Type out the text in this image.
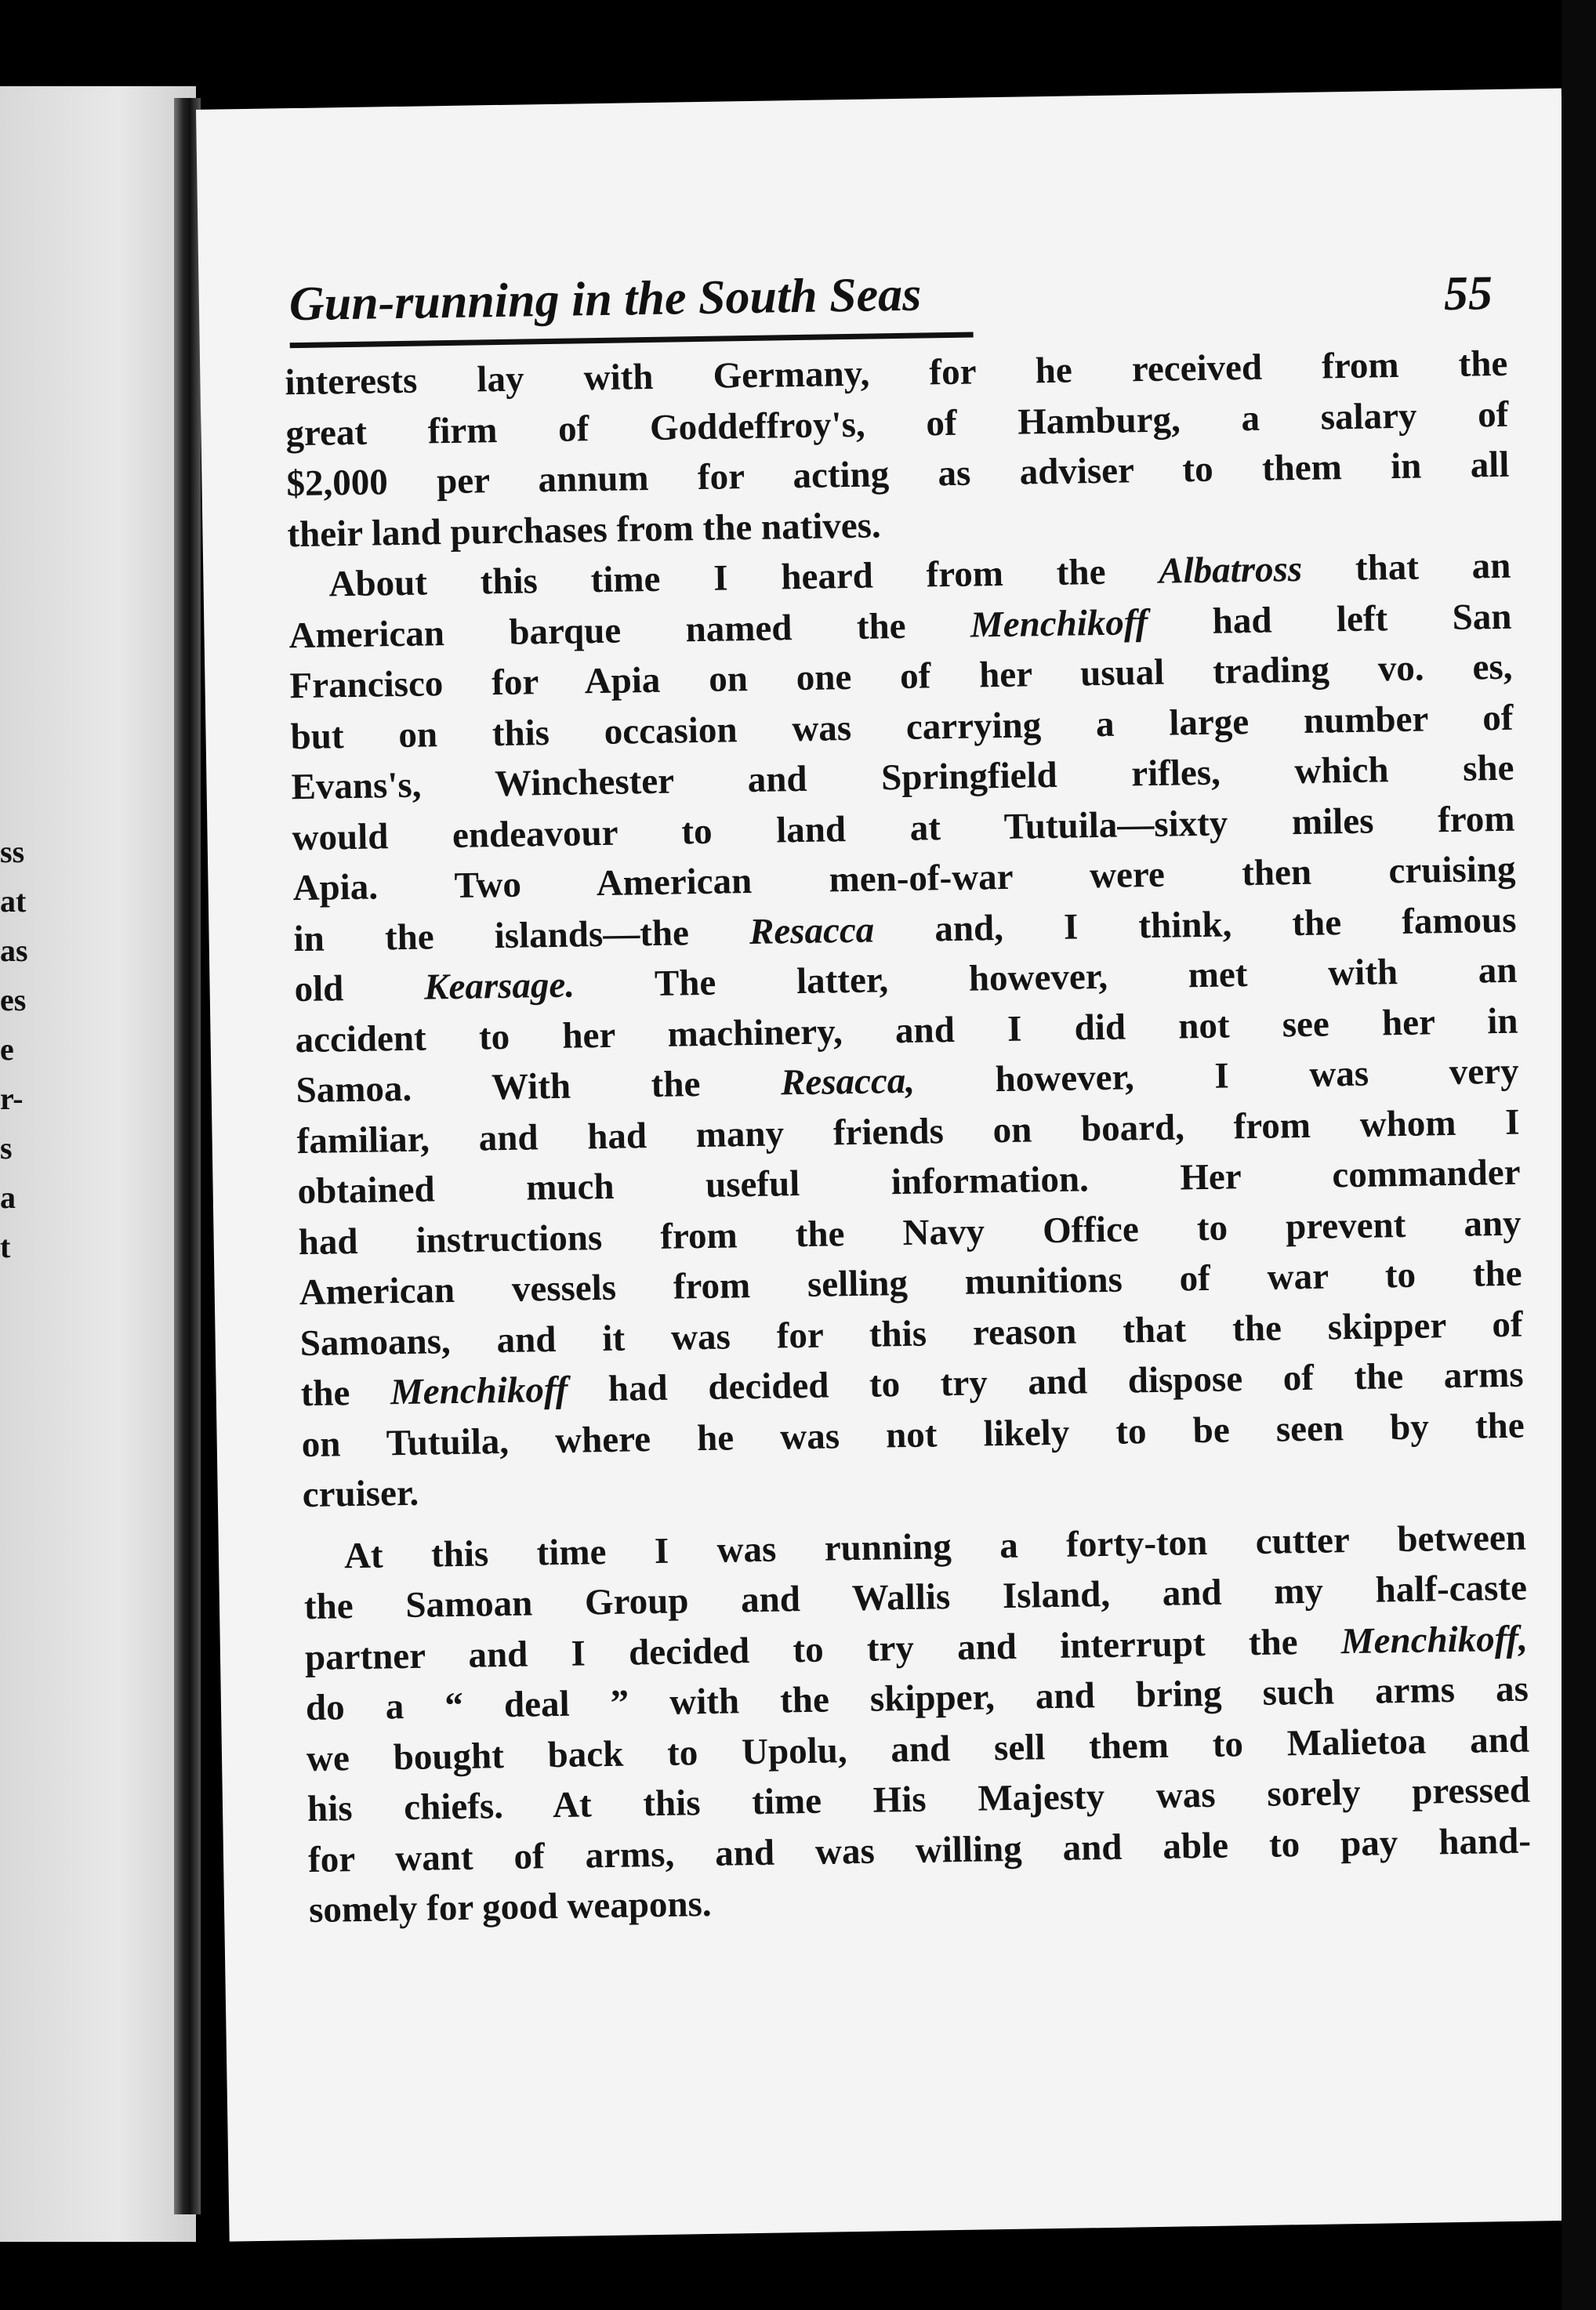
ss
at
as
es
e
r-
s
a
t
Gun-running in the South Seas	55
interests lay with Germany, for he received from the
great firm of Goddeffroy's, of Hamburg, a salary of
$2,000 per annum for acting as adviser to them in all
their land purchases from the natives.
About this time I heard from the Albatross that an
American barque named the Menchikoff had left San
Francisco for Apia on one of her usual trading vo. es,
but on this occasion was carrying a large number of
Evans's, Winchester and Springfield rifles, which she
would endeavour to land at Tutuila—sixty miles from
Apia. Two American men-of-war were then cruising
in the islands—the Resacca and, I think, the famous
old Kearsage. The latter, however, met with an
accident to her machinery, and I did not see her in
Samoa. With the Resacca, however, I was very
familiar, and had many friends on board, from whom I
obtained much useful information. Her commander
had instructions from the Navy Office to prevent any
American vessels from selling munitions of war to the
Samoans, and it was for this reason that the skipper of
the Menchikoff had decided to try and dispose of the arms
on Tutuila, where he was not likely to be seen by the
cruiser.
At this time I was running a forty-ton cutter between
the Samoan Group and Wallis Island, and my half-caste
partner and I decided to try and interrupt the Menchikoff,
do a “ deal ” with the skipper, and bring such arms as
we bought back to Upolu, and sell them to Malietoa and
his chiefs. At this time His Majesty was sorely pressed
for want of arms, and was willing and able to pay hand-
somely for good weapons.
